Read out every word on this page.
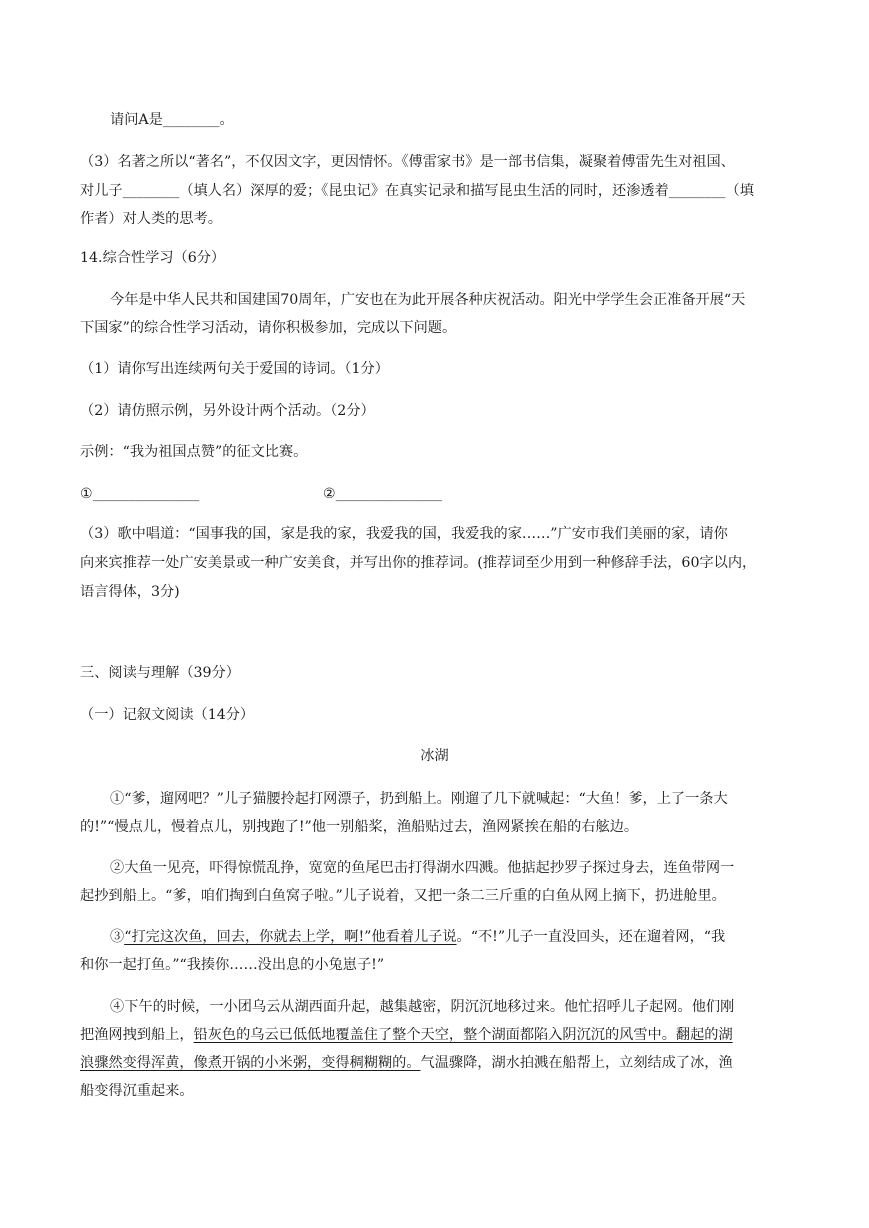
请问A是________。
（3）名著之所以“著名”，不仅因文字，更因情怀。《傅雷家书》是一部书信集，凝聚着傅雷先生对祖国、
对儿子________（填人名）深厚的爱；《昆虫记》在真实记录和描写昆虫生活的同时，还渗透着________（填
作者）对人类的思考。
14.综合性学习（6分）
今年是中华人民共和国建国70周年，广安也在为此开展各种庆祝活动。阳光中学学生会正准备开展“天
下国家”的综合性学习活动，请你积极参加，完成以下问题。
（1）请你写出连续两句关于爱国的诗词。（1分）
（2）请仿照示例，另外设计两个活动。（2分）
示例：“我为祖国点赞”的征文比赛。
①_______________	②_______________
（3）歌中唱道：“国事我的国，家是我的家，我爱我的国，我爱我的家……”广安市我们美丽的家，请你
向来宾推荐一处广安美景或一种广安美食，并写出你的推荐词。(推荐词至少用到一种修辞手法，60字以内，
语言得体，3分)
三、阅读与理解（39分）
（一）记叙文阅读（14分）
冰湖
①“爹，遛网吧？”儿子猫腰拎起打网漂子，扔到船上。刚遛了几下就喊起：“大鱼！爹，上了一条大
的!”“慢点儿，慢着点儿，别拽跑了!”他一别船桨，渔船贴过去，渔网紧挨在船的右舷边。
②大鱼一见亮，吓得惊慌乱挣，宽宽的鱼尾巴击打得湖水四溅。他掂起抄罗子探过身去，连鱼带网一
起抄到船上。“爹，咱们掏到白鱼窝子啦。”儿子说着，又把一条二三斤重的白鱼从网上摘下，扔进舱里。
③“打完这次鱼，回去，你就去上学，啊!”他看着儿子说。“不!”儿子一直没回头，还在遛着网，“我
和你一起打鱼。”“我揍你……没出息的小兔崽子!”
④下午的时候，一小团乌云从湖西面升起，越集越密，阴沉沉地移过来。他忙招呼儿子起网。他们刚
把渔网拽到船上，铅灰色的乌云已低低地覆盖住了整个天空，整个湖面都陷入阴沉沉的风雪中。翻起的湖
浪骤然变得浑黄，像煮开锅的小米粥，变得稠糊糊的。气温骤降，湖水拍溅在船帮上，立刻结成了冰，渔
船变得沉重起来。
